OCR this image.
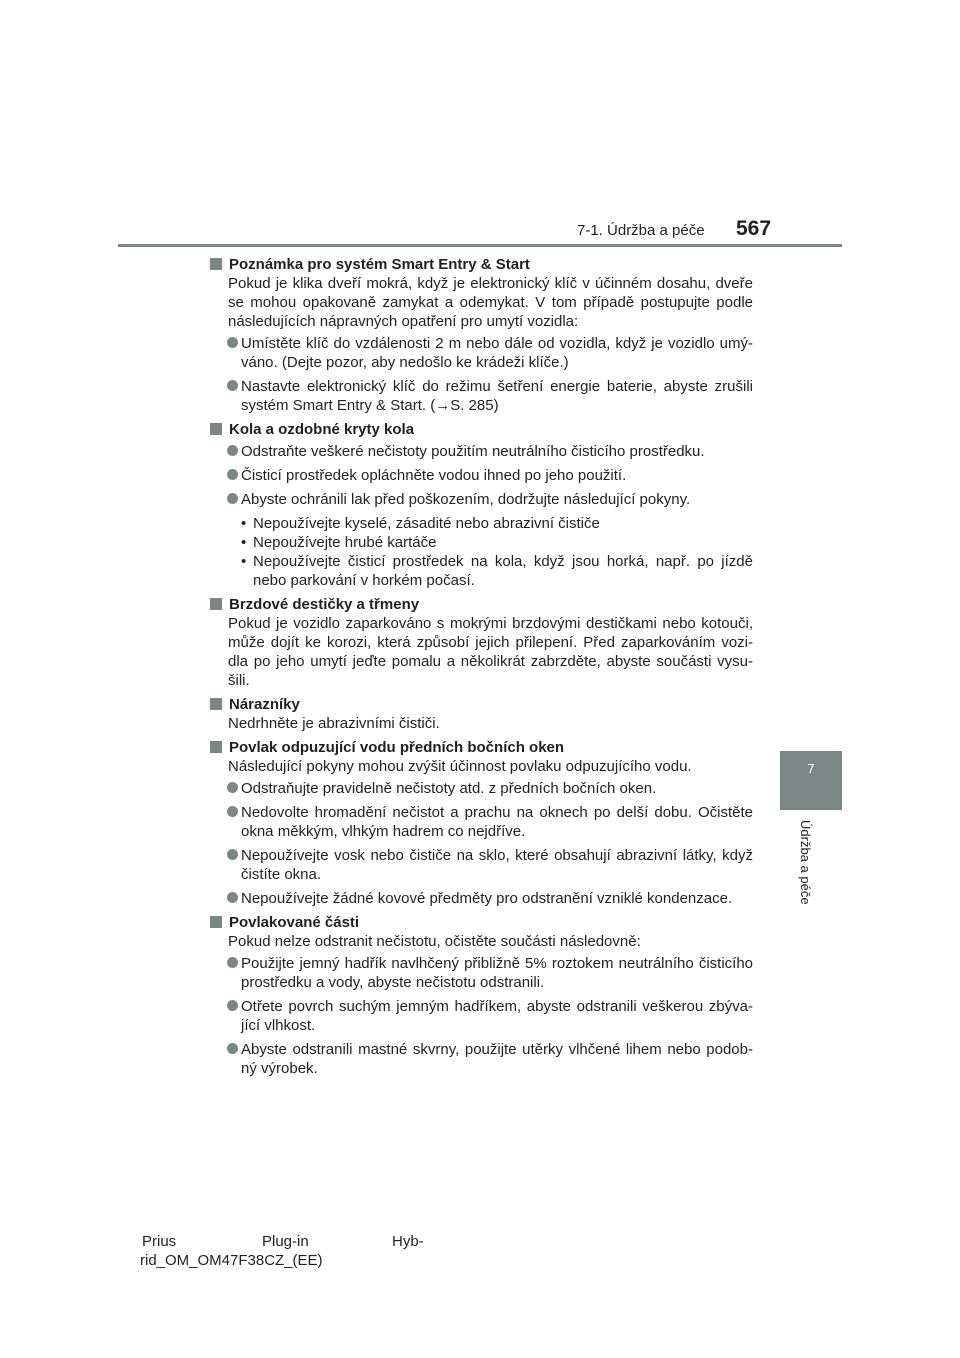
7-1. Údržba a péče 567
7
Údržba a péče
Poznámka pro systém Smart Entry & Start
Pokud je klika dveří mokrá, když je elektronický klíč v účinném dosahu, dveře se mohou opakovaně zamykat a odemykat. V tom případě postupujte podle následujících nápravných opatření pro umytí vozidla:
Umístěte klíč do vzdálenosti 2 m nebo dále od vozidla, když je vozidlo umý-váno. (Dejte pozor, aby nedošlo ke krádeži klíče.)
Nastavte elektronický klíč do režimu šetření energie baterie, abyste zrušili systém Smart Entry & Start. (→S. 285)
Kola a ozdobné kryty kola
Odstraňte veškeré nečistoty použitím neutrálního čisticího prostředku.
Čisticí prostředek opláchněte vodou ihned po jeho použití.
Abyste ochránili lak před poškozením, dodržujte následující pokyny.
• Nepoužívejte kyselé, zásadité nebo abrazivní čističe
• Nepoužívejte hrubé kartáče
• Nepoužívejte čisticí prostředek na kola, když jsou horká, např. po jízdě nebo parkování v horkém počasí.
Brzdové destičky a třmeny
Pokud je vozidlo zaparkováno s mokrými brzdovými destičkami nebo kotouči, může dojít ke korozi, která způsobí jejich přilepení. Před zaparkováním vozi-dla po jeho umytí jeďte pomalu a několikrát zabrzděte, abyste součásti vysu-šili.
Nárazníky
Nedrhněte je abrazivními čističi.
Povlak odpuzující vodu předních bočních oken
Následující pokyny mohou zvýšit účinnost povlaku odpuzujícího vodu.
Odstraňujte pravidelně nečistoty atd. z předních bočních oken.
Nedovolte hromadění nečistot a prachu na oknech po delší dobu. Očistěte okna měkkým, vlhkým hadrem co nejdříve.
Nepoužívejte vosk nebo čističe na sklo, které obsahují abrazivní látky, když čistíte okna.
Nepoužívejte žádné kovové předměty pro odstranění vzniklé kondenzace.
Povlakované části
Pokud nelze odstranit nečistotu, očistěte součásti následovně:
Použijte jemný hadřík navlhčený přibližně 5% roztokem neutrálního čisticího prostředku a vody, abyste nečistotu odstranili.
Otřete povrch suchým jemným hadříkem, abyste odstranili veškerou zbýva-jící vlhkost.
Abyste odstranili mastné skvrny, použijte utěrky vlhčené lihem nebo podob-ný výrobek.
Prius	Plug-in	Hyb-
rid_OM_OM47F38CZ_(EE)
